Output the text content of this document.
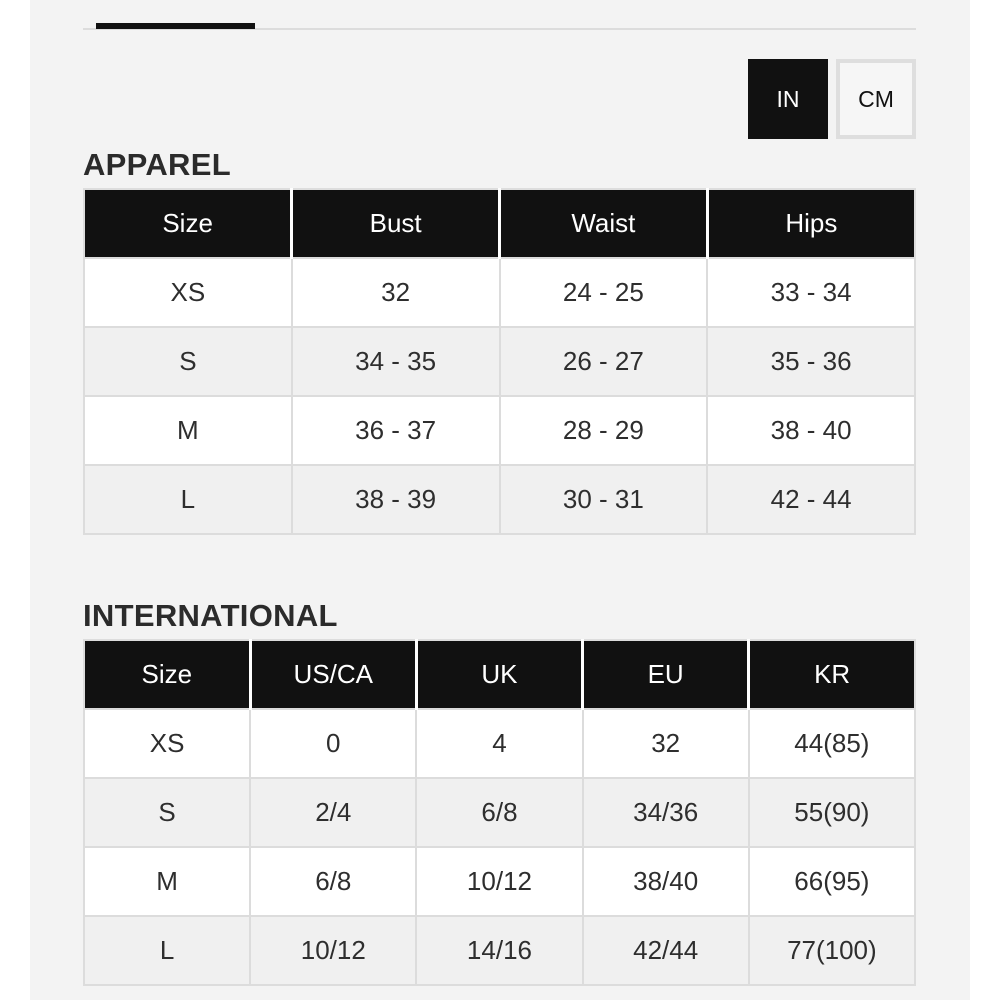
IN	CM
APPAREL
Size	Bust	Waist	Hips
XS	32	24 - 25	33 - 34
S	34 - 35	26 - 27	35 - 36
M	36 - 37	28 - 29	38 - 40
L	38 - 39	30 - 31	42 - 44
INTERNATIONAL
Size	US/CA	UK	EU	KR
XS	0	4	32	44(85)
S	2/4	6/8	34/36	55(90)
M	6/8	10/12	38/40	66(95)
L	10/12	14/16	42/44	77(100)
